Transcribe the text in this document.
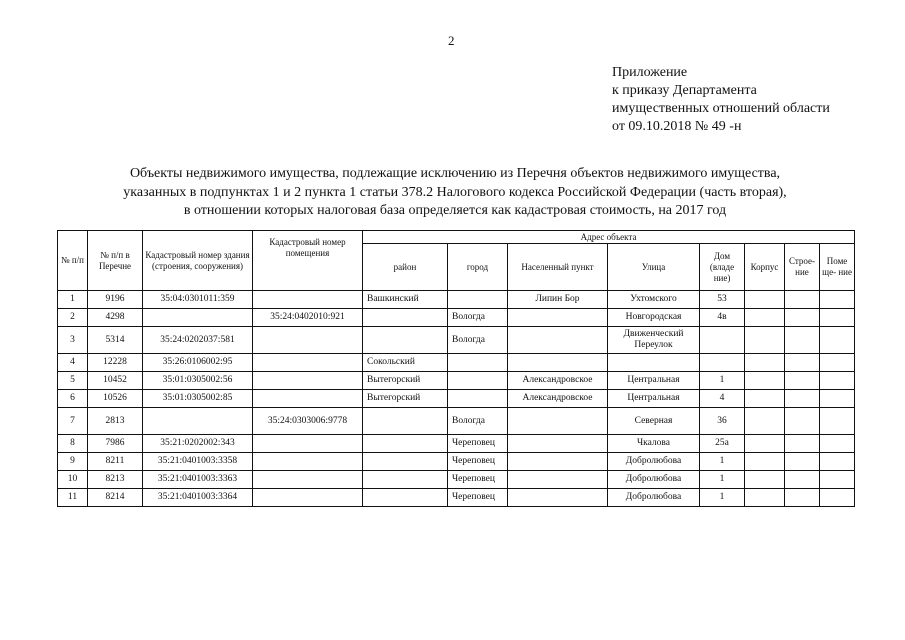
2
Приложение
к приказу Департамента
имущественных отношений области
от 09.10.2018 № 49 -н
Объекты недвижимого имущества, подлежащие исключению из Перечня объектов недвижимого имущества,
указанных в подпунктах 1 и 2 пункта 1 статьи 378.2 Налогового кодекса Российской Федерации (часть вторая),
в отношении которых налоговая база определяется как кадастровая стоимость, на 2017 год
№ п/п	№ п/п в Перечне	Кадастровый номер здания (строения, сооружения)	Кадастровый номер помещения	Адрес объекта							
				район	город	Населенный пункт	Улица	Дом (владе ние)	Корпус	Строе- ние	Поме ще- ние
1	9196	35:04:0301011:359		Вашкинский		Липин Бор	Ухтомского	53			
2	4298		35:24:0402010:921		Вологда		Новгородская	4в			
3	5314	35:24:0202037:581			Вологда		Движенческий Переулок				
4	12228	35:26:0106002:95		Сокольский							
5	10452	35:01:0305002:56		Вытегорский		Александровское	Центральная	1			
6	10526	35:01:0305002:85		Вытегорский		Александровское	Центральная	4			
7	2813		35:24:0303006:9778		Вологда		Северная	36			
8	7986	35:21:0202002:343			Череповец		Чкалова	25а			
9	8211	35:21:0401003:3358			Череповец		Добролюбова	1			
10	8213	35:21:0401003:3363			Череповец		Добролюбова	1			
11	8214	35:21:0401003:3364			Череповец		Добролюбова	1			
